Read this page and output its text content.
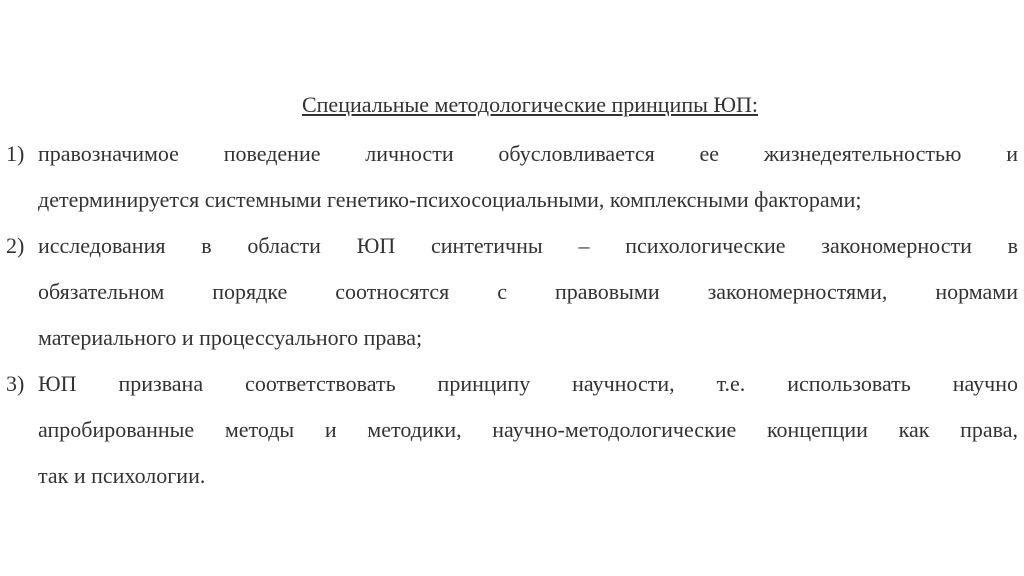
Специальные методологические принципы ЮП:
1) правозначимое поведение личности обусловливается ее жизнедеятельностью и
детерминируется системными генетико-психосоциальными, комплексными факторами;
2) исследования в области ЮП синтетичны – психологические закономерности в
обязательном порядке соотносятся с правовыми закономерностями, нормами
материального и процессуального права;
3) ЮП призвана соответствовать принципу научности, т.е. использовать научно
апробированные методы и методики, научно-методологические концепции как права,
так и психологии.
